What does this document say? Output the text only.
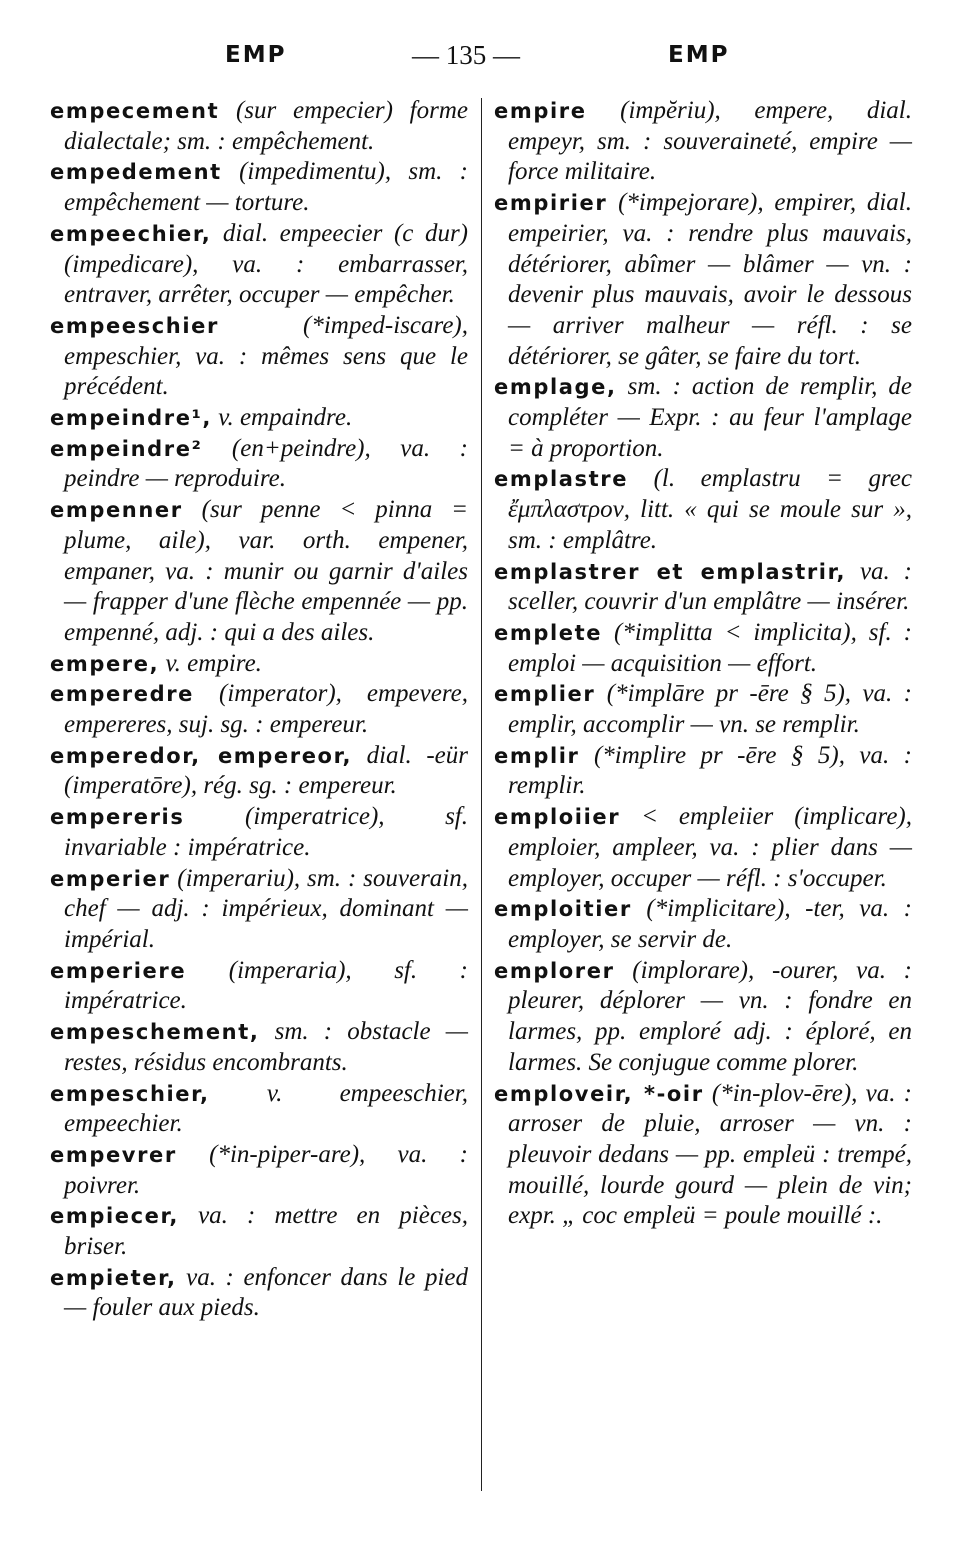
EMP	— 135 —	EMP

empecement (sur empecier) forme dialectale; sm. : empêchement.

empedement (impedimentu), sm. : empêchement — torture.

empeechier, dial. empeecier (c dur) (impedicare), va. : embarrasser, entraver, arrêter, occuper — empêcher.

empeeschier (*imped-iscare), empeschier, va. : mêmes sens que le précédent.

empeindre¹, v. empaindre.

empeindre² (en+peindre), va. : peindre — reproduire.

empenner (sur penne < pinna = plume, aile), var. orth. empener, empaner, va. : munir ou garnir d'ailes — frapper d'une flèche empennée — pp. empenné, adj. : qui a des ailes.

empere, v. empire.

emperedre (imperator), empevere, empereres, suj. sg. : empereur.

emperedor, empereor, dial. -eür (imperatōre), rég. sg. : empereur.

empereris (imperatrice), sf. invariable : impératrice.

emperier (imperariu), sm. : souverain, chef — adj. : impérieux, dominant — impérial.

emperiere (imperaria), sf. : impératrice.

empeschement, sm. : obstacle — restes, résidus encombrants.

empeschier, v. empeeschier, empeechier.

empevrer (*in-piper-are), va. : poivrer.

empiecer, va. : mettre en pièces, briser.

empieter, va. : enfoncer dans le pied — fouler aux pieds.

empire (impĕriu), empere, dial. empeyr, sm. : souveraineté, empire — force militaire.

empirier (*impejorare), empirer, dial. empeirier, va. : rendre plus mauvais, détériorer, abîmer — blâmer — vn. : devenir plus mauvais, avoir le dessous — arriver malheur — réfl. : se détériorer, se gâter, se faire du tort.

emplage, sm. : action de remplir, de compléter — Expr. : au feur l'amplage = à proportion.

emplastre (l. emplastru = grec ἔμπλαστρον, litt. « qui se moule sur », sm. : emplâtre.

emplastrer et emplastrir, va. : sceller, couvrir d'un emplâtre — insérer.

emplete (*implitta < implicita), sf. : emploi — acquisition — effort.

emplier (*implāre pr -ēre § 5), va. : emplir, accomplir — vn. se remplir.

emplir (*implire pr -ēre § 5), va. : remplir.

emploiier < empleiier (implicare), emploier, ampleer, va. : plier dans — employer, occuper — réfl. : s'occuper.

emploitier (*implicitare), -ter, va. : employer, se servir de.

emplorer (implorare), -ourer, va. : pleurer, déplorer — vn. : fondre en larmes, pp. emploré adj. : éploré, en larmes. Se conjugue comme plorer.

emploveir, *-oir (*in-plov-ēre), va. : arroser de pluie, arroser — vn. : pleuvoir dedans — pp. empleü : trempé, mouillé, lourde gourd — plein de vin; expr. „ coc empleü = poule mouillé :.
